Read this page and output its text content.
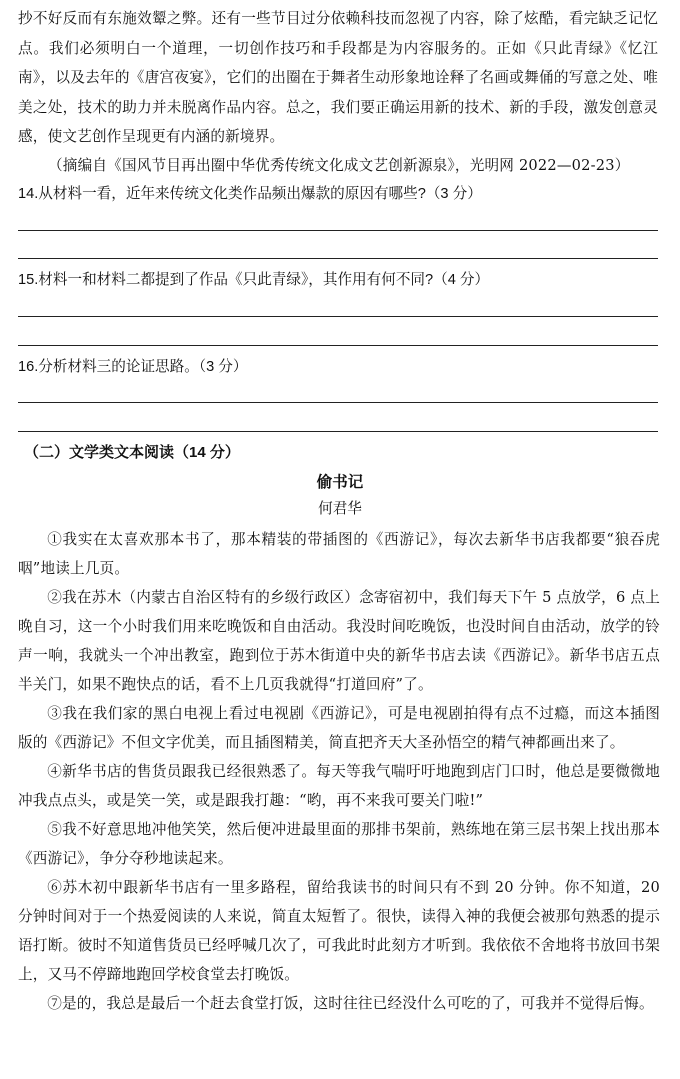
抄不好反而有东施效颦之弊。还有一些节目过分依赖科技而忽视了内容，除了炫酷，看完缺乏记忆点。我们必须明白一个道理，一切创作技巧和手段都是为内容服务的。正如《只此青绿》《忆江南》，以及去年的《唐宫夜宴》，它们的出圈在于舞者生动形象地诠释了名画或舞俑的写意之处、唯美之处，技术的助力并未脱离作品内容。总之，我们要正确运用新的技术、新的手段，激发创意灵感，使文艺创作呈现更有内涵的新境界。

（摘编自《国风节目再出圈中华优秀传统文化成文艺创新源泉》，光明网 2022—02-23）

14.从材料一看，近年来传统文化类作品频出爆款的原因有哪些?（3 分）

15.材料一和材料二都提到了作品《只此青绿》，其作用有何不同?（4 分）

16.分析材料三的论证思路。（3 分）

（二）文学类文本阅读（14 分）

偷书记

何君华

①我实在太喜欢那本书了，那本精装的带插图的《西游记》，每次去新华书店我都要“狼吞虎咽”地读上几页。

②我在苏木（内蒙古自治区特有的乡级行政区）念寄宿初中，我们每天下午 5 点放学，6 点上晚自习，这一个小时我们用来吃晚饭和自由活动。我没时间吃晚饭，也没时间自由活动，放学的铃声一响，我就头一个冲出教室，跑到位于苏木街道中央的新华书店去读《西游记》。新华书店五点半关门，如果不跑快点的话，看不上几页我就得“打道回府”了。

③我在我们家的黑白电视上看过电视剧《西游记》，可是电视剧拍得有点不过瘾，而这本插图版的《西游记》不但文字优美，而且插图精美，简直把齐天大圣孙悟空的精气神都画出来了。

④新华书店的售货员跟我已经很熟悉了。每天等我气喘吁吁地跑到店门口时，他总是要微微地冲我点点头，或是笑一笑，或是跟我打趣：“哟，再不来我可要关门啦!”

⑤我不好意思地冲他笑笑，然后便冲进最里面的那排书架前，熟练地在第三层书架上找出那本《西游记》，争分夺秒地读起来。

⑥苏木初中跟新华书店有一里多路程，留给我读书的时间只有不到 20 分钟。你不知道，20 分钟时间对于一个热爱阅读的人来说，简直太短暂了。很快，读得入神的我便会被那句熟悉的提示语打断。彼时不知道售货员已经呼喊几次了，可我此时此刻方才听到。我依依不舍地将书放回书架上，又马不停蹄地跑回学校食堂去打晚饭。

⑦是的，我总是最后一个赶去食堂打饭，这时往往已经没什么可吃的了，可我并不觉得后悔。
